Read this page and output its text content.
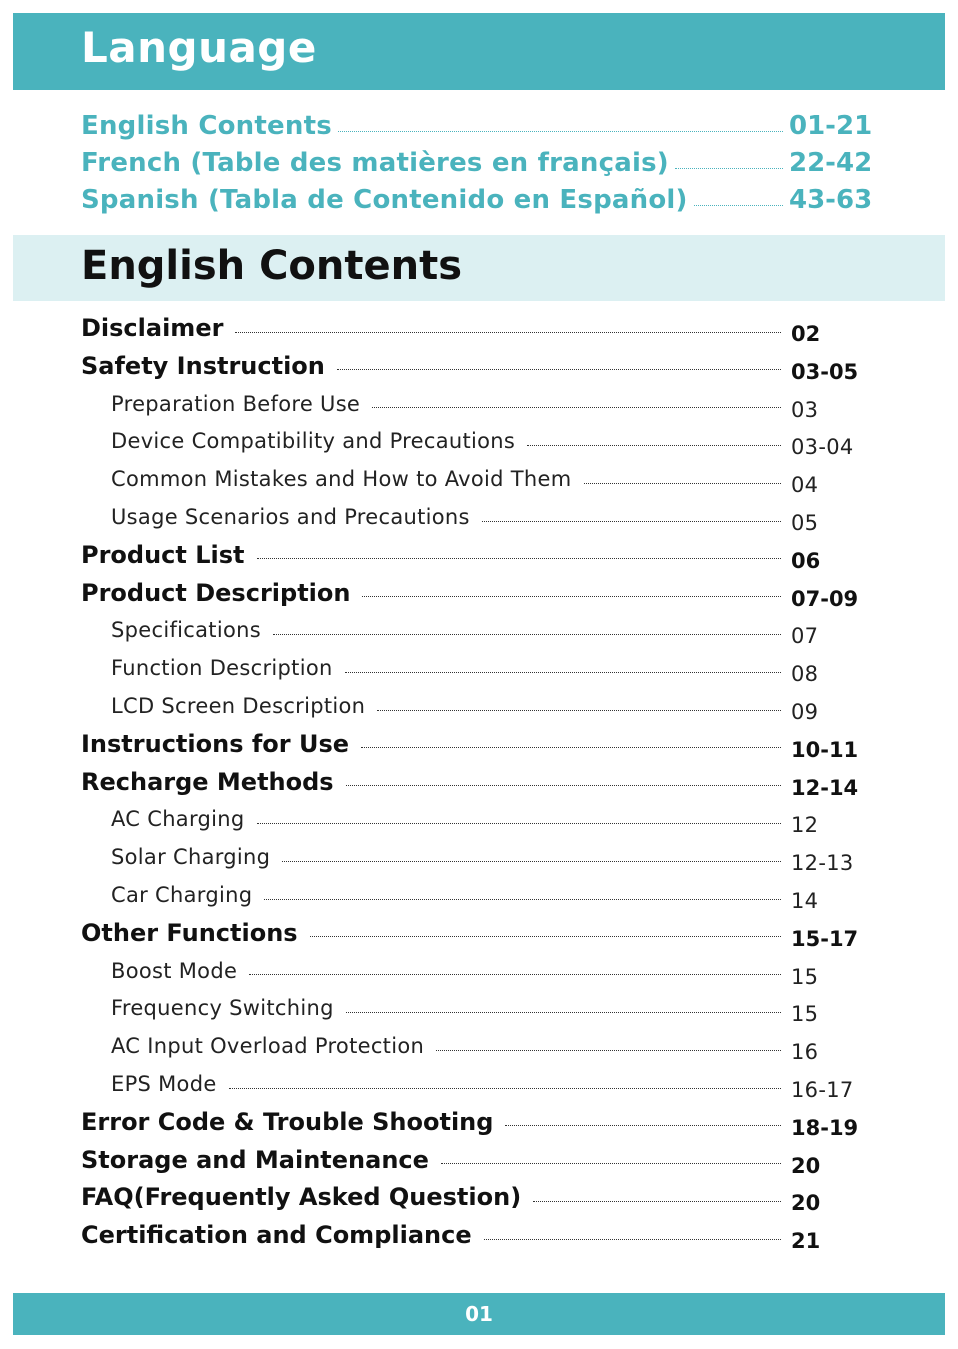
Language
English Contents	01-21
French (Table des matières en français)	22-42
Spanish (Tabla de Contenido en Español)	43-63
English Contents
Disclaimer	02
Safety Instruction	03-05
Preparation Before Use	03
Device Compatibility and Precautions	03-04
Common Mistakes and How to Avoid Them	04
Usage Scenarios and Precautions	05
Product List	06
Product Description	07-09
Specifications	07
Function Description	08
LCD Screen Description	09
Instructions for Use	10-11
Recharge Methods	12-14
AC Charging	12
Solar Charging	12-13
Car Charging	14
Other Functions	15-17
Boost Mode	15
Frequency Switching	15
AC Input Overload Protection	16
EPS Mode	16-17
Error Code & Trouble Shooting	18-19
Storage and Maintenance	20
FAQ(Frequently Asked Question)	20
Certification and Compliance	21
01
